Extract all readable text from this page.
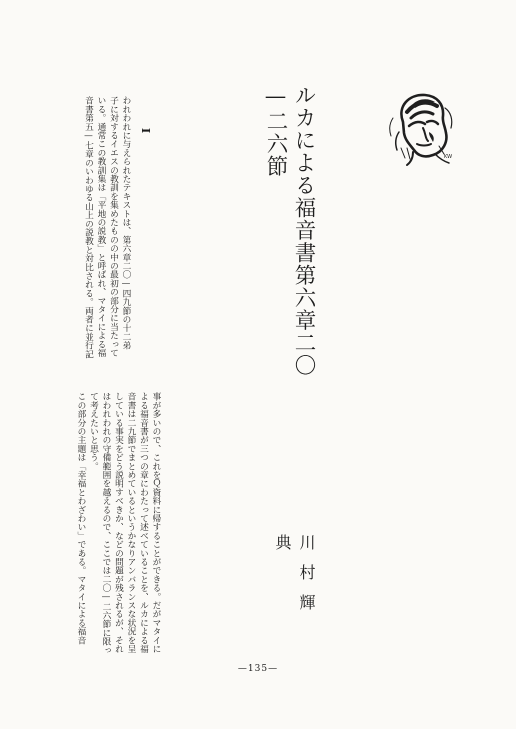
KW
ルカによる福音書第六章二〇—二六節
川村輝典
I
われわれに与えられたテキストは、第六章二〇—四九節の十二弟
子に対するイエスの教訓を集めたものの中の最初の部分に当たって
いる。通常この教訓集は「平地の説教」と呼ばれ、マタイによる福
音書第五—七章のいわゆる山上の説教と対比される。両者に並行記
事が多いので、これをＱ資料に帰することができる。だがマタイに
よる福音書が三つの章にわたって述べていることを、ルカによる福
音書は二九節でまとめているというかなりアンバランスな状況を呈
している事実をどう説明すべきか、などの問題が残されるが、それ
はわれわれの守備範囲を越えるので、ここでは二〇—二六節に限っ
て考えたいと思う。
この部分の主題は「幸福とわざわい」である。マタイによる福音
—135—
